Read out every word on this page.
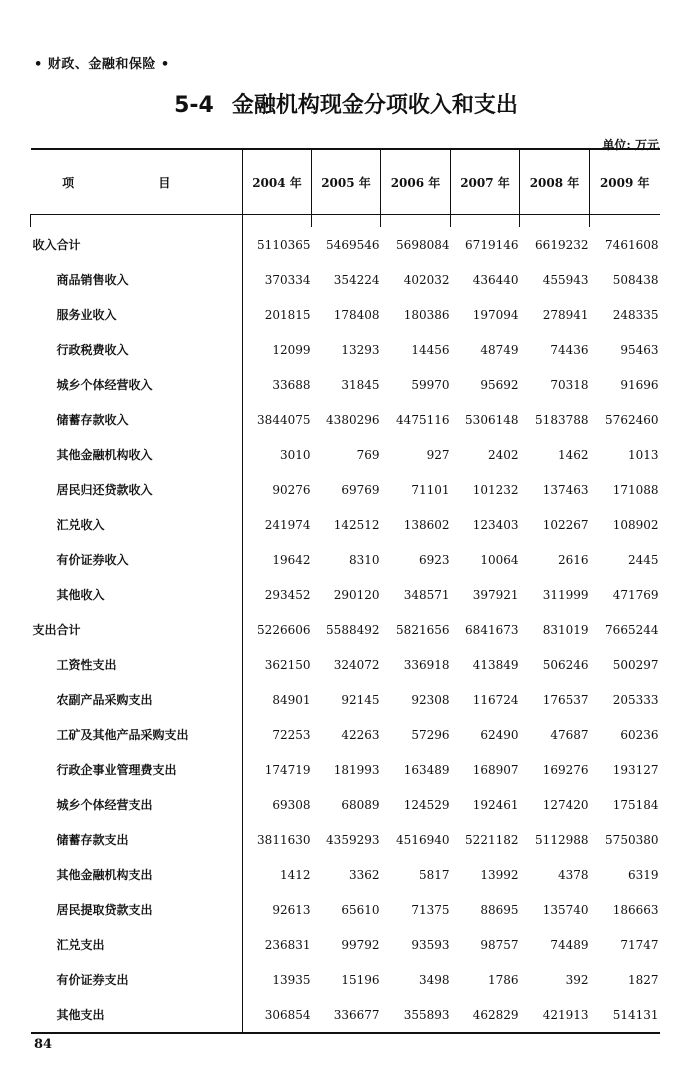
• 财政、金融和保险 •
5-4 金融机构现金分项收入和支出
单位: 万元
项 目	2004 年	2005 年	2006 年	2007 年	2008 年	2009 年

收入合计	5110365	5469546	5698084	6719146	6619232	7461608
商品销售收入	370334	354224	402032	436440	455943	508438
服务业收入	201815	178408	180386	197094	278941	248335
行政税费收入	12099	13293	14456	48749	74436	95463
城乡个体经营收入	33688	31845	59970	95692	70318	91696
储蓄存款收入	3844075	4380296	4475116	5306148	5183788	5762460
其他金融机构收入	3010	769	927	2402	1462	1013
居民归还贷款收入	90276	69769	71101	101232	137463	171088
汇兑收入	241974	142512	138602	123403	102267	108902
有价证券收入	19642	8310	6923	10064	2616	2445
其他收入	293452	290120	348571	397921	311999	471769
支出合计	5226606	5588492	5821656	6841673	831019	7665244
工资性支出	362150	324072	336918	413849	506246	500297
农副产品采购支出	84901	92145	92308	116724	176537	205333
工矿及其他产品采购支出	72253	42263	57296	62490	47687	60236
行政企事业管理费支出	174719	181993	163489	168907	169276	193127
城乡个体经营支出	69308	68089	124529	192461	127420	175184
储蓄存款支出	3811630	4359293	4516940	5221182	5112988	5750380
其他金融机构支出	1412	3362	5817	13992	4378	6319
居民提取贷款支出	92613	65610	71375	88695	135740	186663
汇兑支出	236831	99792	93593	98757	74489	71747
有价证券支出	13935	15196	3498	1786	392	1827
其他支出	306854	336677	355893	462829	421913	514131
84
